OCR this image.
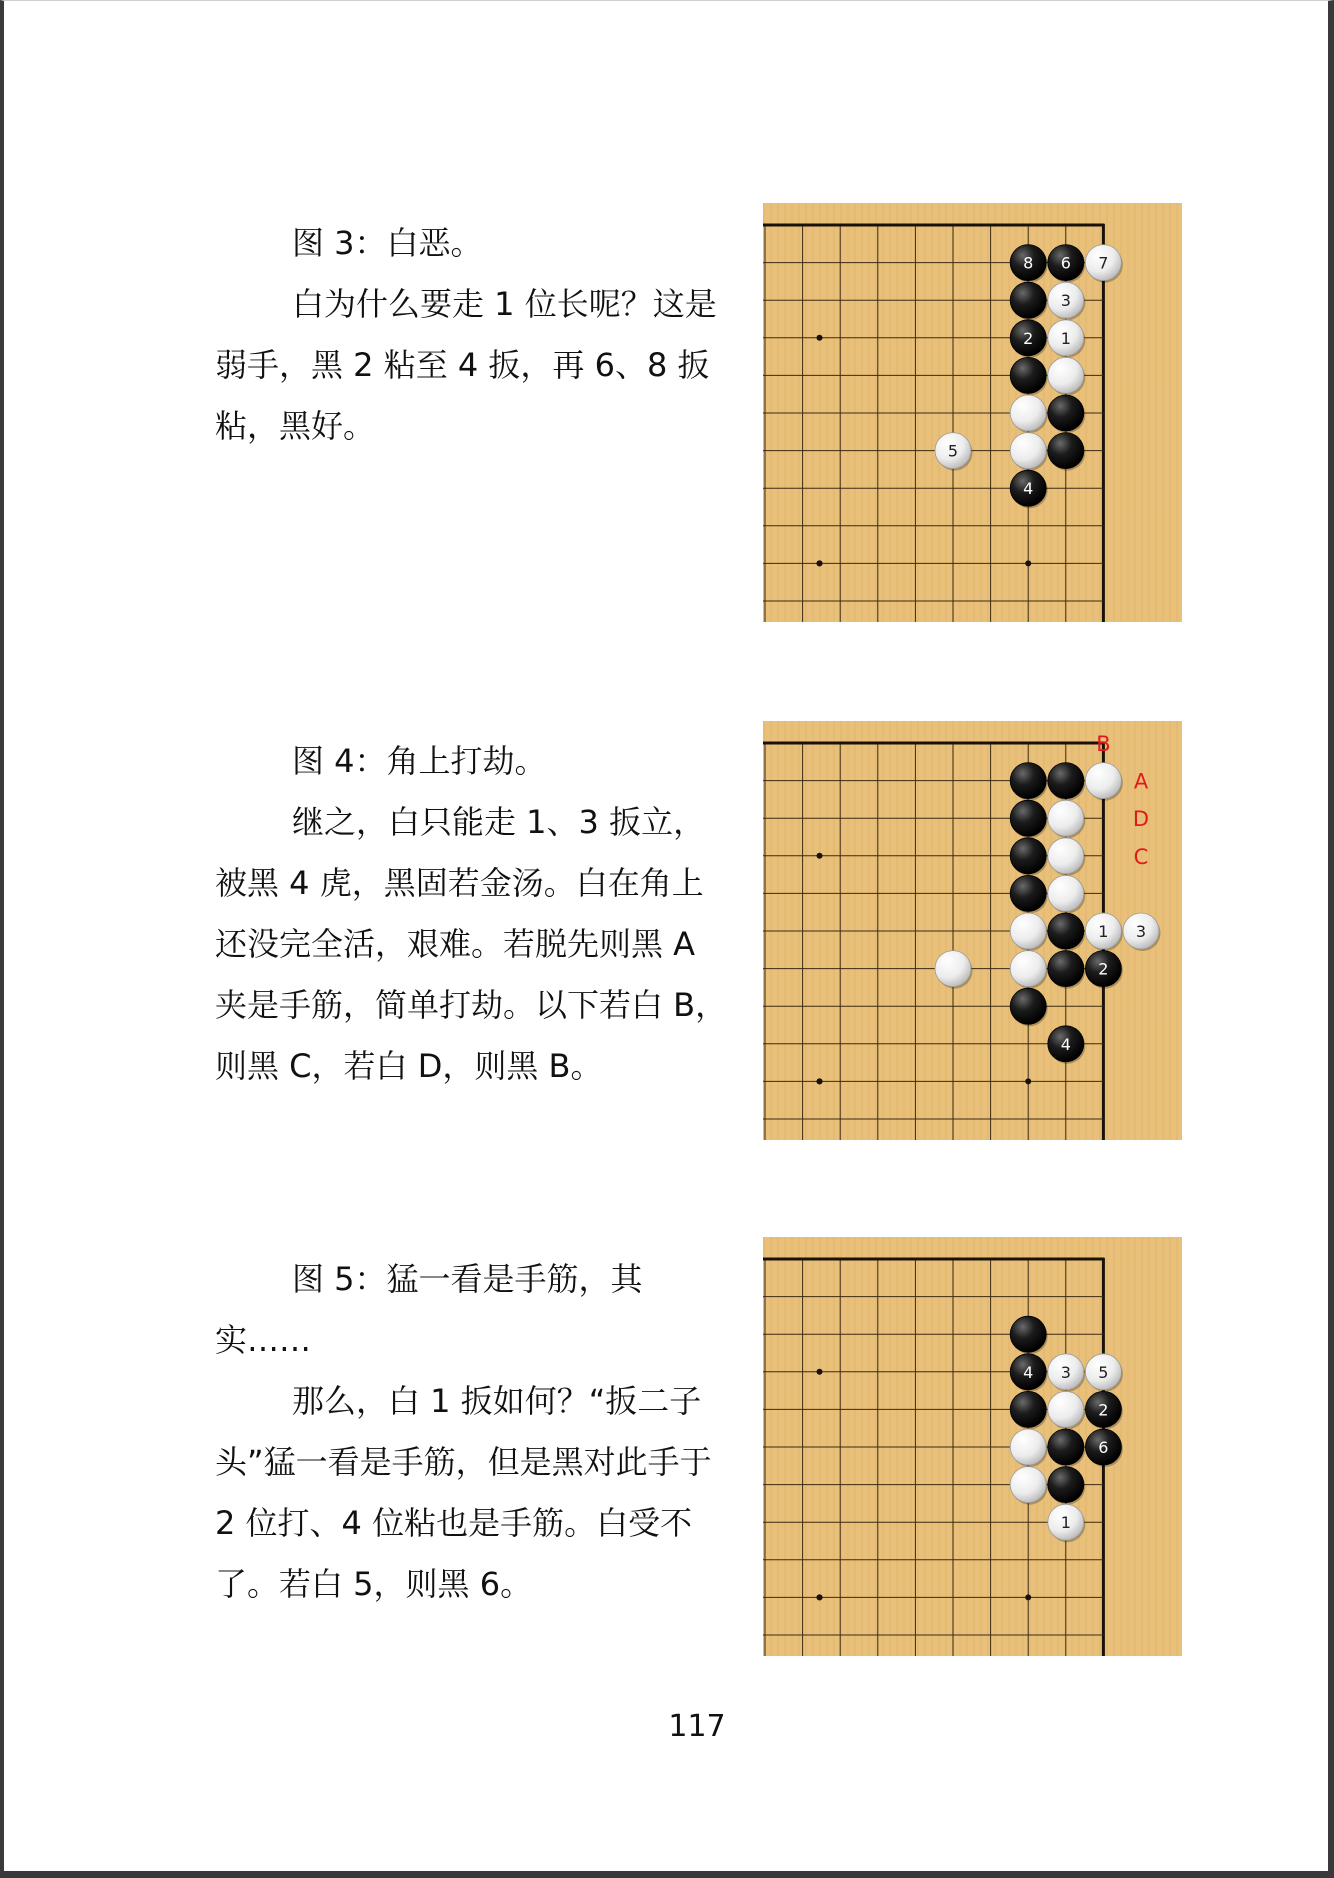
图 3：白恶。

白为什么要走 1 位长呢？这是弱手，黑 2 粘至 4 扳，再 6、8 扳粘，黑好。

8 6 7
3
2 1
5
4

图 4：角上打劫。

继之，白只能走 1、3 扳立，被黑 4 虎，黑固若金汤。白在角上还没完全活，艰难。若脱先则黑 A 夹是手筋，简单打劫。以下若白 B，则黑 C，若白 D，则黑 B。

1 3
2
4
B
A
D
C

图 5：猛一看是手筋，其实……

那么，白 1 扳如何？“扳二子头”猛一看是手筋，但是黑对此手于 2 位打、4 位粘也是手筋。白受不了。若白 5，则黑 6。

4 3 5
2
6
1
117
